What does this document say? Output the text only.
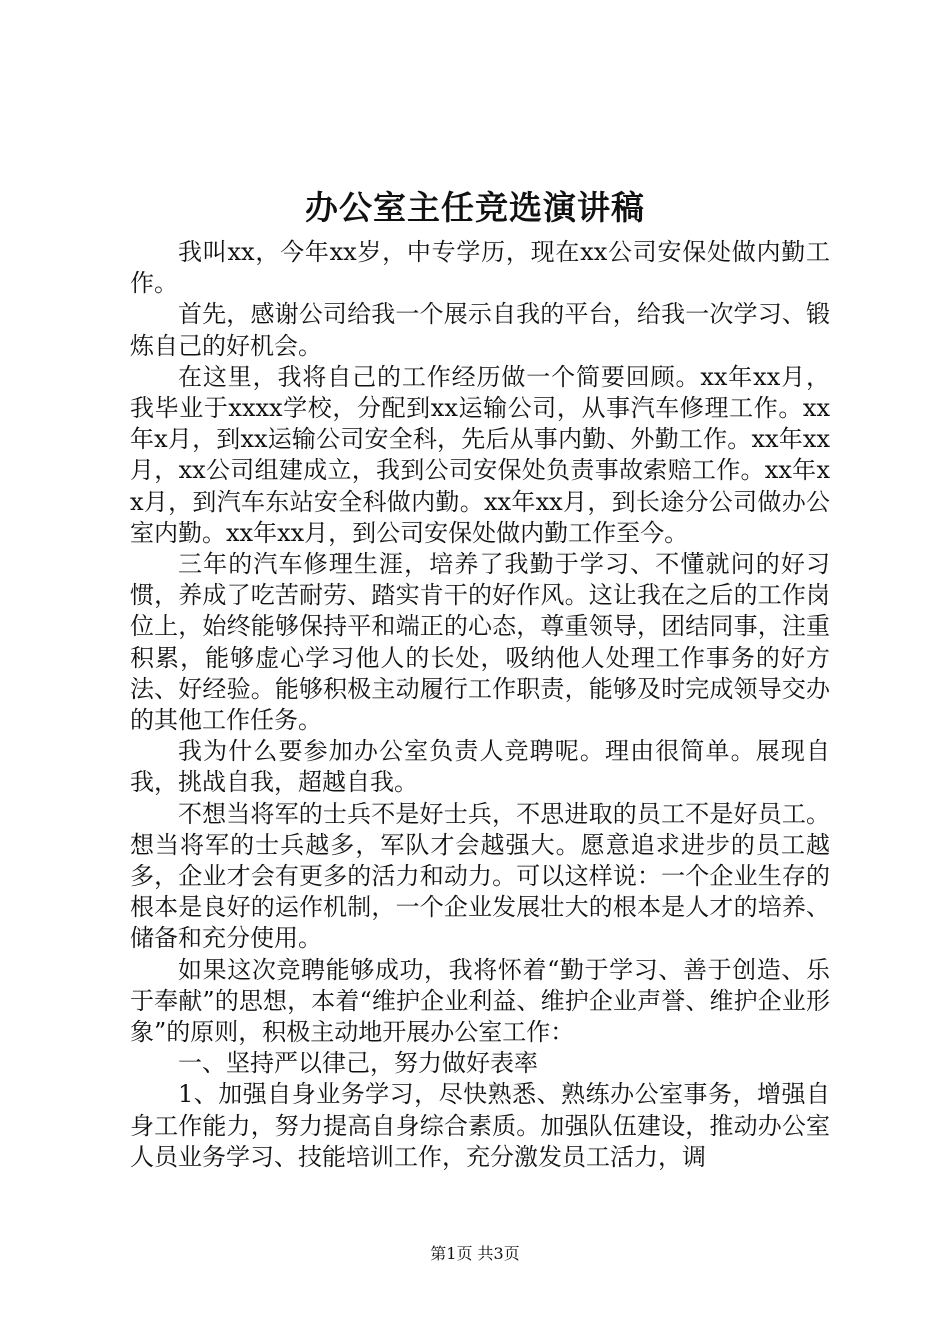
办公室主任竞选演讲稿

我叫xx，今年xx岁，中专学历，现在xx公司安保处做内勤工作。

首先，感谢公司给我一个展示自我的平台，给我一次学习、锻炼自己的好机会。

在这里，我将自己的工作经历做一个简要回顾。xx年xx月，我毕业于xxxx学校，分配到xx运输公司，从事汽车修理工作。xx年x月，到xx运输公司安全科，先后从事内勤、外勤工作。xx年xx月，xx公司组建成立，我到公司安保处负责事故索赔工作。xx年xx月，到汽车东站安全科做内勤。xx年xx月，到长途分公司做办公室内勤。xx年xx月，到公司安保处做内勤工作至今。

三年的汽车修理生涯，培养了我勤于学习、不懂就问的好习惯，养成了吃苦耐劳、踏实肯干的好作风。这让我在之后的工作岗位上，始终能够保持平和端正的心态，尊重领导，团结同事，注重积累，能够虚心学习他人的长处，吸纳他人处理工作事务的好方法、好经验。能够积极主动履行工作职责，能够及时完成领导交办的其他工作任务。

我为什么要参加办公室负责人竞聘呢。理由很简单。展现自我，挑战自我，超越自我。

不想当将军的士兵不是好士兵，不思进取的员工不是好员工。想当将军的士兵越多，军队才会越强大。愿意追求进步的员工越多，企业才会有更多的活力和动力。可以这样说：一个企业生存的根本是良好的运作机制，一个企业发展壮大的根本是人才的培养、储备和充分使用。

如果这次竞聘能够成功，我将怀着“勤于学习、善于创造、乐于奉献”的思想，本着“维护企业利益、维护企业声誉、维护企业形象”的原则，积极主动地开展办公室工作：

一、坚持严以律己，努力做好表率

1、加强自身业务学习，尽快熟悉、熟练办公室事务，增强自身工作能力，努力提高自身综合素质。加强队伍建设，推动办公室人员业务学习、技能培训工作，充分激发员工活力，调

第1页 共3页
